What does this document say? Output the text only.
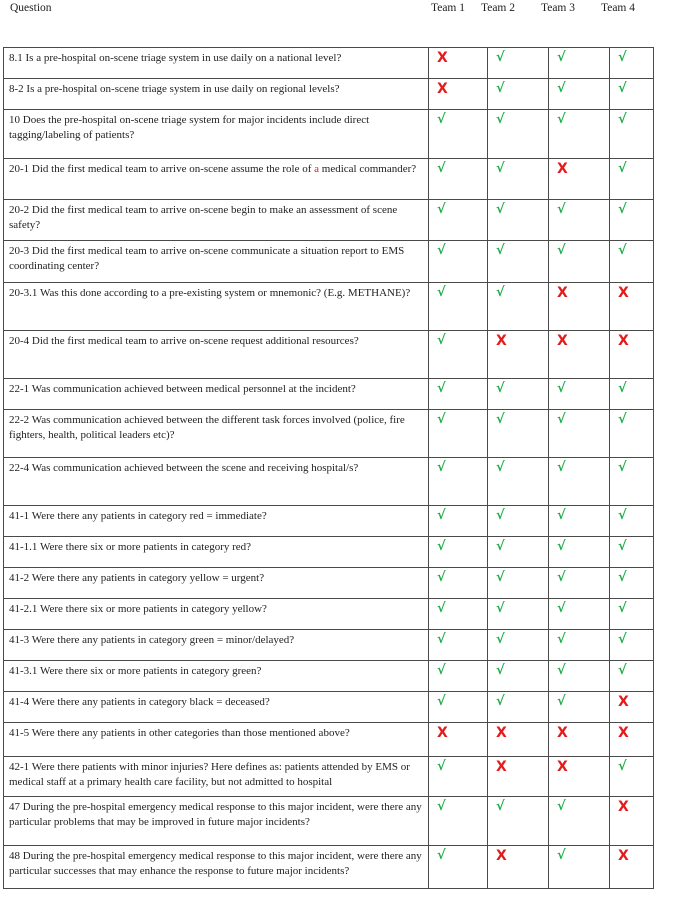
Question	Team 1 Team 2 Team 3 Team 4
8.1 Is a pre-hospital on-scene triage system in use daily on a national level?	X	√	√	√
8-2 Is a pre-hospital on-scene triage system in use daily on regional levels?	X	√	√	√
10 Does the pre-hospital on-scene triage system for major incidents include direct tagging/labeling of patients?	√	√	√	√
20-1 Did the first medical team to arrive on-scene assume the role of a medical commander?	√	√	X	√
20-2 Did the first medical team to arrive on-scene begin to make an assessment of scene safety?	√	√	√	√
20-3 Did the first medical team to arrive on-scene communicate a situation report to EMS coordinating center?	√	√	√	√
20-3.1 Was this done according to a pre-existing system or mnemonic? (E.g. METHANE)?	√	√	X	X
20-4 Did the first medical team to arrive on-scene request additional resources?	√	X	X	X
22-1 Was communication achieved between medical personnel at the incident?	√	√	√	√
22-2 Was communication achieved between the different task forces involved (police, fire fighters, health, political leaders etc)?	√	√	√	√
22-4 Was communication achieved between the scene and receiving hospital/s?	√	√	√	√
41-1 Were there any patients in category red = immediate?	√	√	√	√
41-1.1 Were there six or more patients in category red?	√	√	√	√
41-2 Were there any patients in category yellow = urgent?	√	√	√	√
41-2.1 Were there six or more patients in category yellow?	√	√	√	√
41-3 Were there any patients in category green = minor/delayed?	√	√	√	√
41-3.1 Were there six or more patients in category green?	√	√	√	√
41-4 Were there any patients in category black = deceased?	√	√	√	X
41-5 Were there any patients in other categories than those mentioned above?	X	X	X	X
42-1 Were there patients with minor injuries? Here defines as: patients attended by EMS or medical staff at a primary health care facility, but not admitted to hospital	√	X	X	√
47 During the pre-hospital emergency medical response to this major incident, were there any particular problems that may be improved in future major incidents?	√	√	√	X
48 During the pre-hospital emergency medical response to this major incident, were there any particular successes that may enhance the response to future major incidents?	√	X	√	X
